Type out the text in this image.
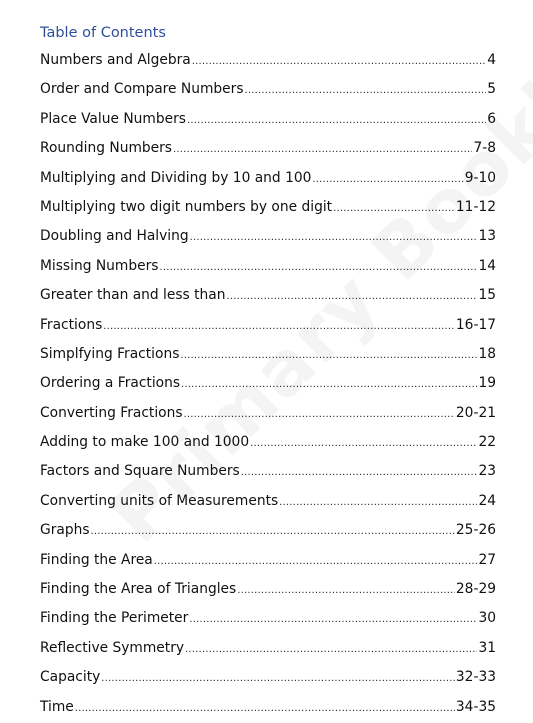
Table of Contents
Numbers and Algebra .....	4
Order and Compare Numbers .....	5
Place Value Numbers .....	6
Rounding Numbers .....	7-8
Multiplying and Dividing by 10 and 100 .....	9-10
Multiplying two digit numbers by one digit .....	11-12
Doubling and Halving .....	13
Missing Numbers .....	14
Greater than and less than .....	15
Fractions .....	16-17
Simplfying Fractions .....	18
Ordering a Fractions .....	19
Converting Fractions .....	20-21
Adding to make 100 and 1000 .....	22
Factors and Square Numbers .....	23
Converting units of Measurements .....	24
Graphs .....	25-26
Finding the Area .....	27
Finding the Area of Triangles .....	28-29
Finding the Perimeter .....	30
Reflective Symmetry .....	31
Capacity .....	32-33
Time .....	34-35
